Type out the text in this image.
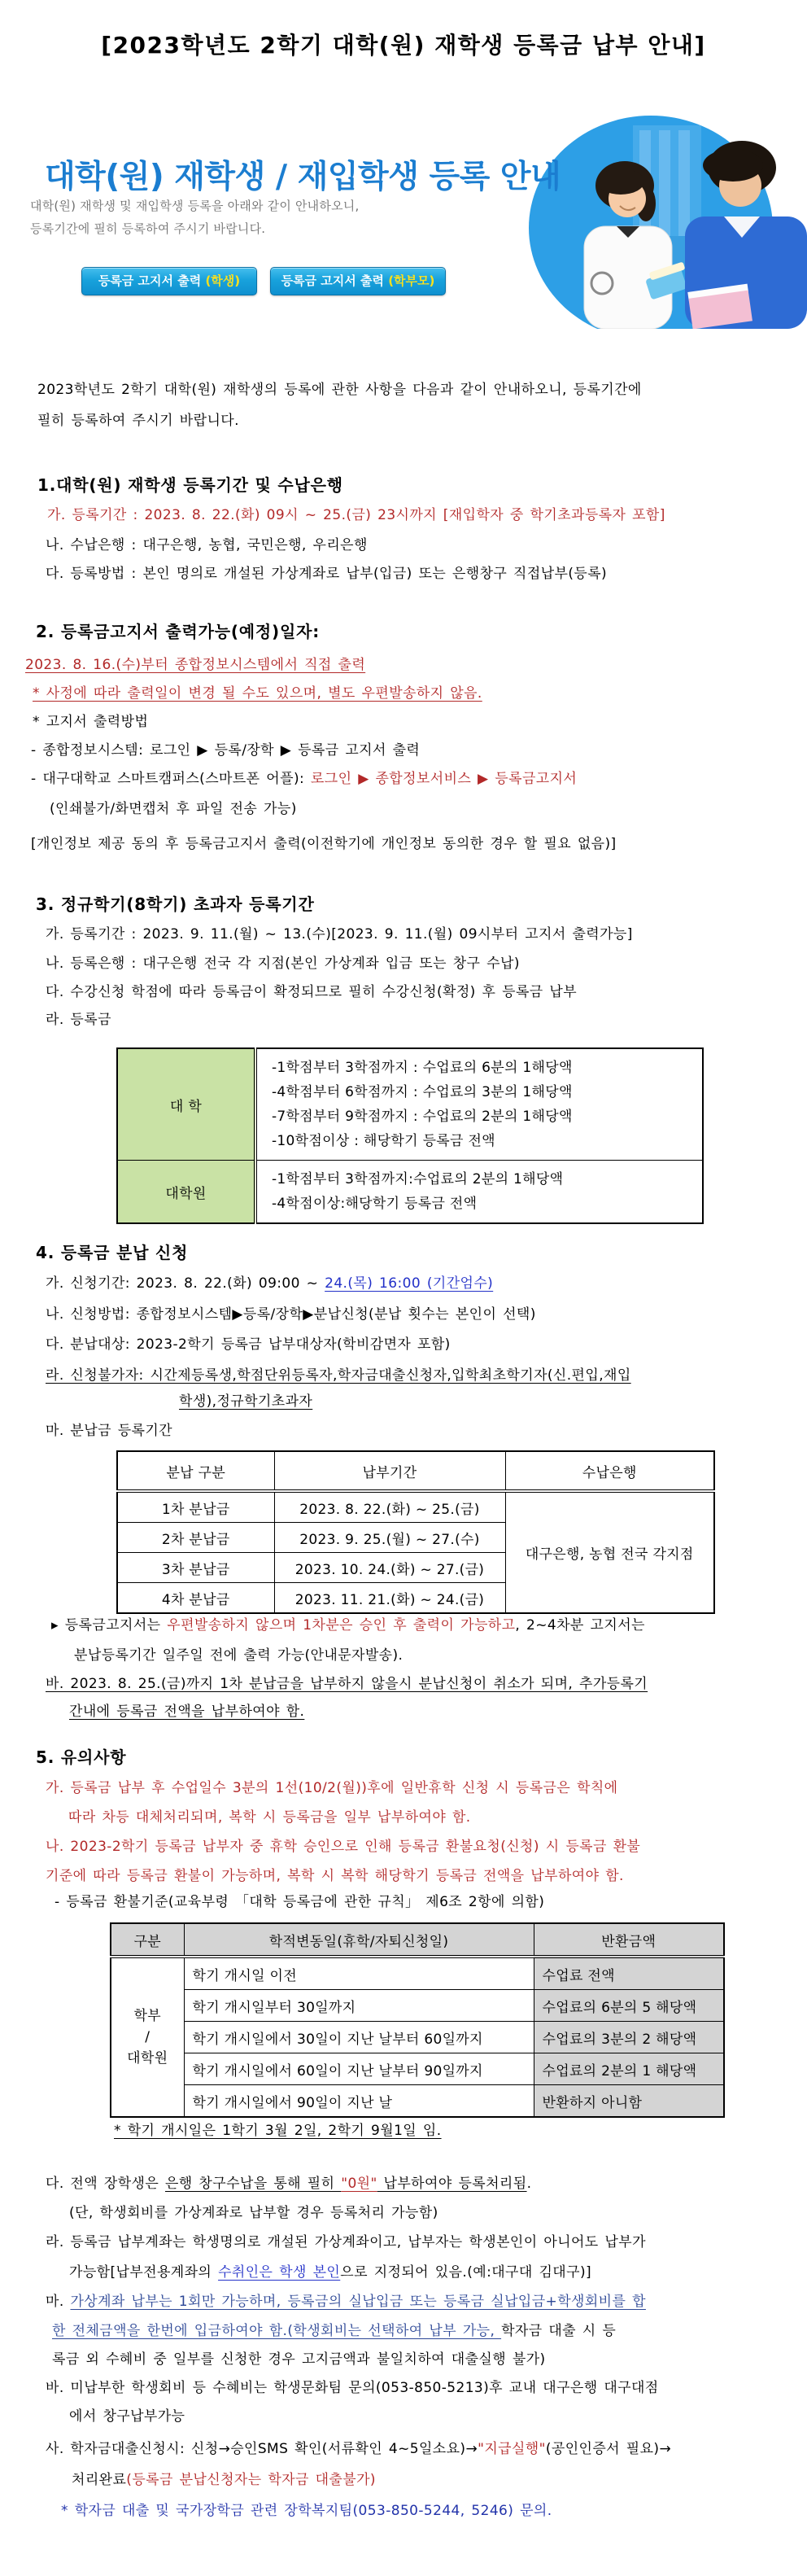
[2023학년도 2학기 대학(원) 재학생 등록금 납부 안내]
대학(원) 재학생 / 재입학생 등록 안내
대학(원) 재학생 및 재입학생 등록을 아래와 같이 안내하오니,
등록기간에 필히 등록하여 주시기 바랍니다.
등록금 고지서 출력 (학생)	등록금 고지서 출력 (학부모)
2023학년도 2학기 대학(원) 재학생의 등록에 관한 사항을 다음과 같이 안내하오니, 등록기간에
필히 등록하여 주시기 바랍니다.
1.대학(원) 재학생 등록기간 및 수납은행
가. 등록기간 : 2023. 8. 22.(화) 09시 ~ 25.(금) 23시까지 [재입학자 중 학기초과등록자 포함]
나. 수납은행 : 대구은행, 농협, 국민은행, 우리은행
다. 등록방법 : 본인 명의로 개설된 가상계좌로 납부(입금) 또는 은행창구 직접납부(등록)
2. 등록금고지서 출력가능(예정)일자:
2023. 8. 16.(수)부터 종합정보시스템에서 직접 출력
* 사정에 따라 출력일이 변경 될 수도 있으며, 별도 우편발송하지 않음.
* 고지서 출력방법
- 종합정보시스템: 로그인 ▶ 등록/장학 ▶ 등록금 고지서 출력
- 대구대학교 스마트캠퍼스(스마트폰 어플): 로그인 ▶ 종합정보서비스 ▶ 등록금고지서
(인쇄불가/화면캡처 후 파일 전송 가능)
[개인정보 제공 동의 후 등록금고지서 출력(이전학기에 개인정보 동의한 경우 할 필요 없음)]
3. 정규학기(8학기) 초과자 등록기간
가. 등록기간 : 2023. 9. 11.(월) ~ 13.(수)[2023. 9. 11.(월) 09시부터 고지서 출력가능]
나. 등록은행 : 대구은행 전국 각 지점(본인 가상계좌 입금 또는 창구 수납)
다. 수강신청 학점에 따라 등록금이 확정되므로 필히 수강신청(확정) 후 등록금 납부
라. 등록금
대 학	-1학점부터 3학점까지 : 수업료의 6분의 1해당액
-4학점부터 6학점까지 : 수업료의 3분의 1해당액
-7학점부터 9학점까지 : 수업료의 2분의 1해당액
-10학점이상 : 해당학기 등록금 전액

대학원	-1학점부터 3학점까지:수업료의 2분의 1해당액
-4학점이상:해당학기 등록금 전액
4. 등록금 분납 신청
가. 신청기간: 2023. 8. 22.(화) 09:00 ~ 24.(목) 16:00 (기간엄수)
나. 신청방법: 종합정보시스템▶등록/장학▶분납신청(분납 횟수는 본인이 선택)
다. 분납대상: 2023-2학기 등록금 납부대상자(학비감면자 포함)
라. 신청불가자: 시간제등록생,학점단위등록자,학자금대출신청자,입학최초학기자(신.편입,재입
학생),정규학기초과자
마. 분납금 등록기간
분납 구분	납부기간	수납은행
1차 분납금	2023. 8. 22.(화) ~ 25.(금)	대구은행, 농협 전국 각지점
2차 분납금	2023. 9. 25.(월) ~ 27.(수)	
3차 분납금	2023. 10. 24.(화) ~ 27.(금)	
4차 분납금	2023. 11. 21.(화) ~ 24.(금)	
▸ 등록금고지서는 우편발송하지 않으며 1차분은 승인 후 출력이 가능하고, 2~4차분 고지서는
분납등록기간 일주일 전에 출력 가능(안내문자발송).
바. 2023. 8. 25.(금)까지 1차 분납금을 납부하지 않을시 분납신청이 취소가 되며, 추가등록기
간내에 등록금 전액을 납부하여야 함.
5. 유의사항
가. 등록금 납부 후 수업일수 3분의 1선(10/2(월))후에 일반휴학 신청 시 등록금은 학칙에
따라 차등 대체처리되며, 복학 시 등록금을 일부 납부하여야 함.
나. 2023-2학기 등록금 납부자 중 휴학 승인으로 인해 등록금 환불요청(신청) 시 등록금 환불
기준에 따라 등록금 환불이 가능하며, 복학 시 복학 해당학기 등록금 전액을 납부하여야 함.
- 등록금 환불기준(교육부령 「대학 등록금에 관한 규칙」 제6조 2항에 의함)
구분	학적변동일(휴학/자퇴신청일)	반환금액

학부
/
대학원	학기 개시일 이전	수업료 전액
	학기 개시일부터 30일까지	수업료의 6분의 5 해당액
	학기 개시일에서 30일이 지난 날부터 60일까지	수업료의 3분의 2 해당액
	학기 개시일에서 60일이 지난 날부터 90일까지	수업료의 2분의 1 해당액
	학기 개시일에서 90일이 지난 날	반환하지 아니함
* 학기 개시일은 1학기 3월 2일, 2학기 9월1일 임.
다. 전액 장학생은 은행 창구수납을 통해 필히 "0원" 납부하여야 등록처리됨.
(단, 학생회비를 가상계좌로 납부할 경우 등록처리 가능함)
라. 등록금 납부계좌는 학생명의로 개설된 가상계좌이고, 납부자는 학생본인이 아니어도 납부가
가능함[납부전용계좌의 수취인은 학생 본인으로 지정되어 있음.(예:대구대 김대구)]
마. 가상계좌 납부는 1회만 가능하며, 등록금의 실납입금 또는 등록금 실납입금+학생회비를 합
한 전체금액을 한번에 입금하여야 함.(학생회비는 선택하여 납부 가능, 학자금 대출 시 등
록금 외 수혜비 중 일부를 신청한 경우 고지금액과 불일치하여 대출실행 불가)
바. 미납부한 학생회비 등 수혜비는 학생문화팀 문의(053-850-5213)후 교내 대구은행 대구대점
에서 창구납부가능
사. 학자금대출신청시: 신청→승인SMS 확인(서류확인 4~5일소요)→"지급실행"(공인인증서 필요)→
처리완료(등록금 분납신청자는 학자금 대출불가)
* 학자금 대출 및 국가장학금 관련 장학복지팀(053-850-5244, 5246) 문의.
